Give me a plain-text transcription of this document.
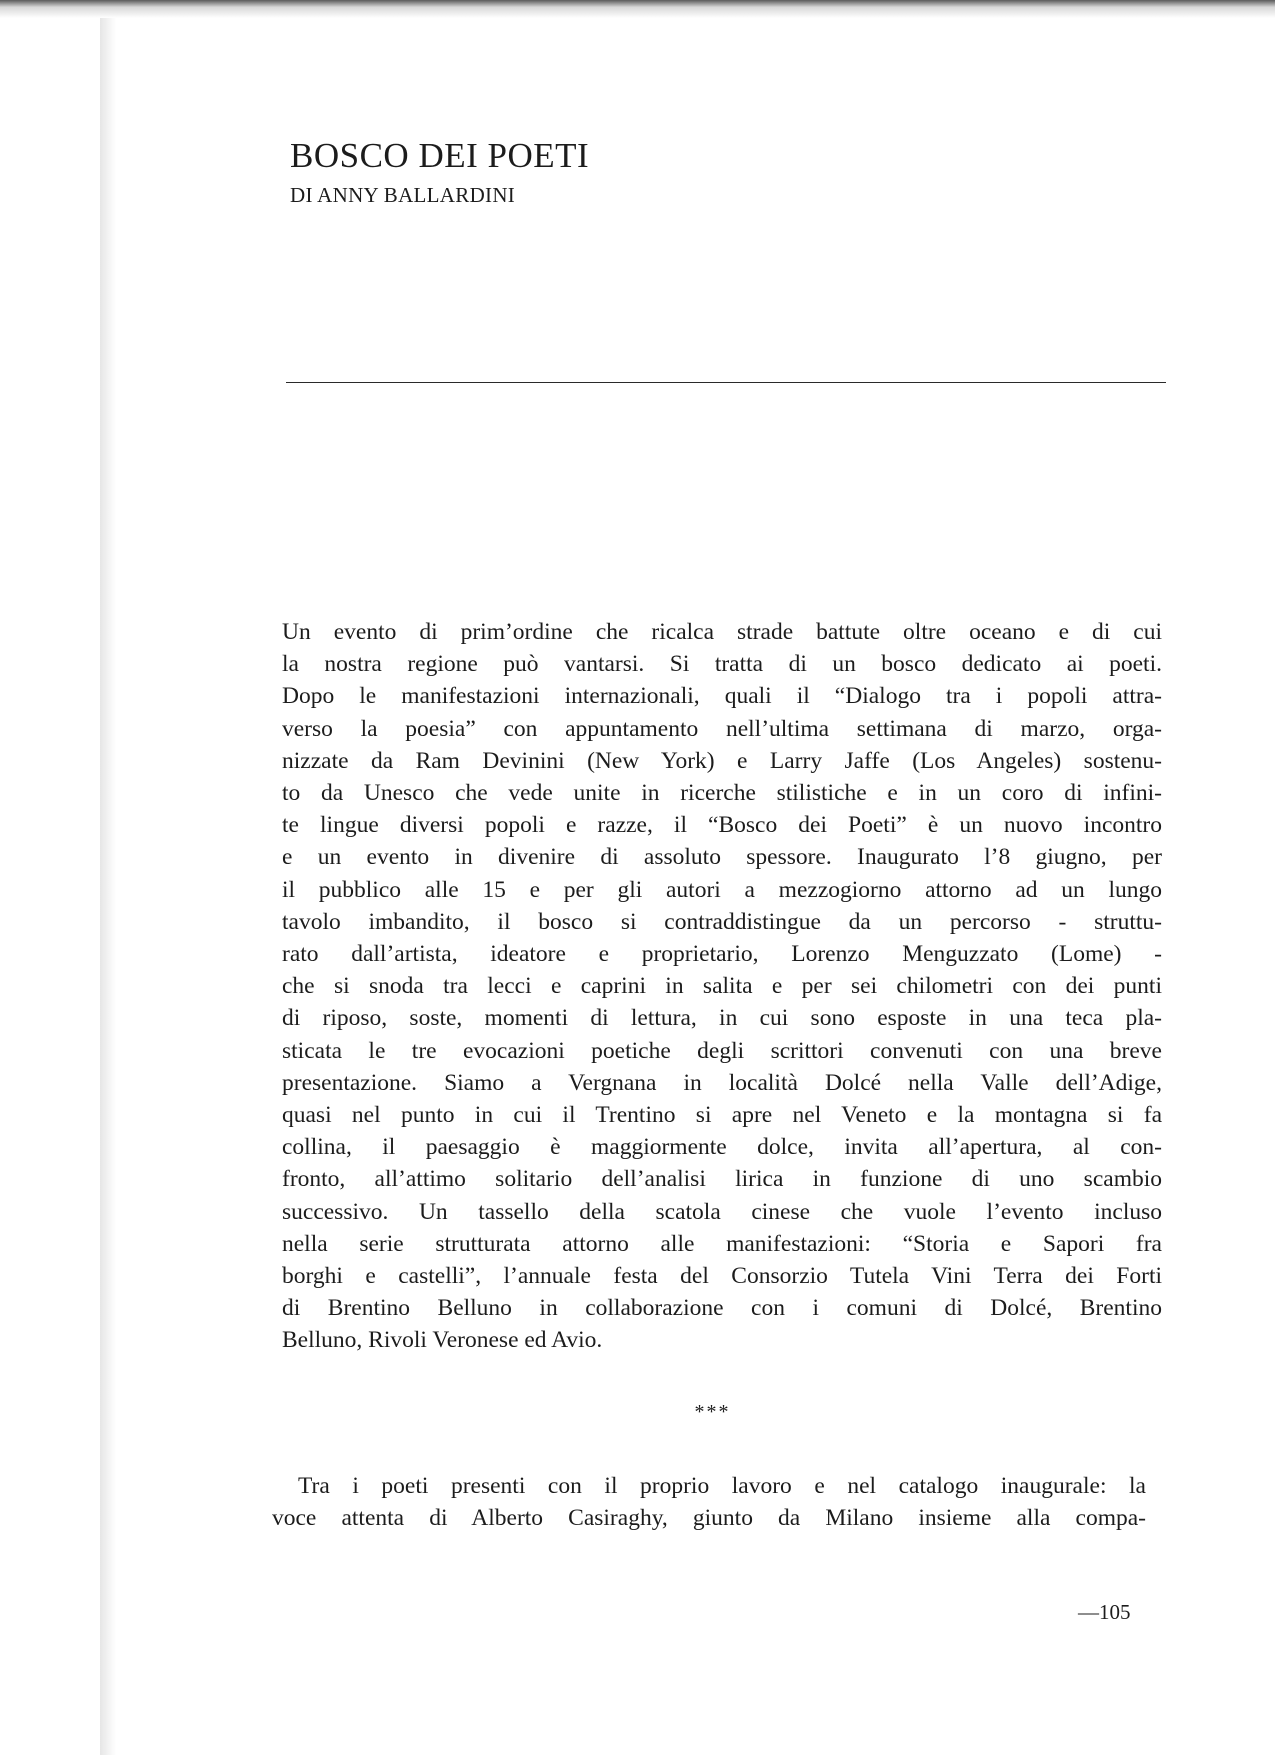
BOSCO DEI POETI
DI ANNY BALLARDINI
Un evento di prim’ordine che ricalca strade battute oltre oceano e di cui
la nostra regione può vantarsi. Si tratta di un bosco dedicato ai poeti.
Dopo le manifestazioni internazionali, quali il “Dialogo tra i popoli attra-
verso la poesia” con appuntamento nell’ultima settimana di marzo, orga-
nizzate da Ram Devinini (New York) e Larry Jaffe (Los Angeles) sostenu-
to da Unesco che vede unite in ricerche stilistiche e in un coro di infini-
te lingue diversi popoli e razze, il “Bosco dei Poeti” è un nuovo incontro
e un evento in divenire di assoluto spessore. Inaugurato l’8 giugno, per
il pubblico alle 15 e per gli autori a mezzogiorno attorno ad un lungo
tavolo imbandito, il bosco si contraddistingue da un percorso - struttu-
rato dall’artista, ideatore e proprietario, Lorenzo Menguzzato (Lome) -
che si snoda tra lecci e caprini in salita e per sei chilometri con dei punti
di riposo, soste, momenti di lettura, in cui sono esposte in una teca pla-
sticata le tre evocazioni poetiche degli scrittori convenuti con una breve
presentazione. Siamo a Vergnana in località Dolcé nella Valle dell’Adige,
quasi nel punto in cui il Trentino si apre nel Veneto e la montagna si fa
collina, il paesaggio è maggiormente dolce, invita all’apertura, al con-
fronto, all’attimo solitario dell’analisi lirica in funzione di uno scambio
successivo. Un tassello della scatola cinese che vuole l’evento incluso
nella serie strutturata attorno alle manifestazioni: “Storia e Sapori fra
borghi e castelli”, l’annuale festa del Consorzio Tutela Vini Terra dei Forti
di Brentino Belluno in collaborazione con i comuni di Dolcé, Brentino
Belluno, Rivoli Veronese ed Avio.
***
Tra i poeti presenti con il proprio lavoro e nel catalogo inaugurale: la
voce attenta di Alberto Casiraghy, giunto da Milano insieme alla compa-
—105
